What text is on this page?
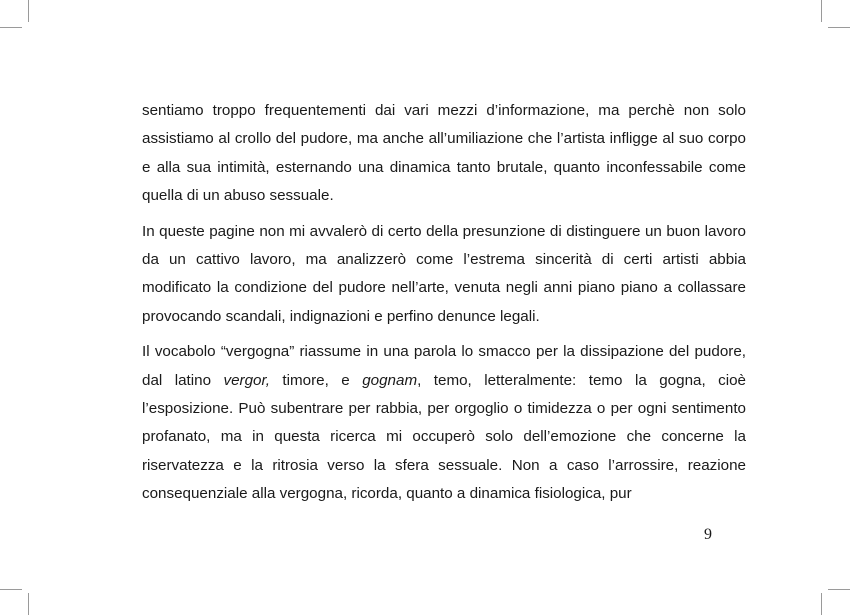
sentiamo troppo frequentementi dai vari mezzi d’informazione, ma perchè non solo assistiamo al crollo del pudore, ma anche all’umiliazione che l’artista infligge al suo corpo e alla sua intimità, esternando una dinamica tanto brutale, quanto inconfessabile come quella di un abuso sessuale.

In queste pagine non mi avvalerò di certo della presunzione di distinguere un buon lavoro da un cattivo lavoro, ma analizzerò come l’estrema sincerità di certi artisti abbia modificato la condizione del pudore nell’arte, venuta negli anni piano piano a collassare provocando scandali, indignazioni e perfino denunce legali.

Il vocabolo “vergogna” riassume in una parola lo smacco per la dissipazione del pudore, dal latino vergor, timore, e gognam, temo, letteralmente: temo la gogna, cioè l’esposizione. Può subentrare per rabbia, per orgoglio o timidezza o per ogni sentimento profanato, ma in questa ricerca mi occuperò solo dell’emozione che concerne la riservatezza e la ritrosia verso la sfera sessuale. Non a caso l’arrossire, reazione consequenziale alla vergogna, ricorda, quanto a dinamica fisiologica, pur

9
